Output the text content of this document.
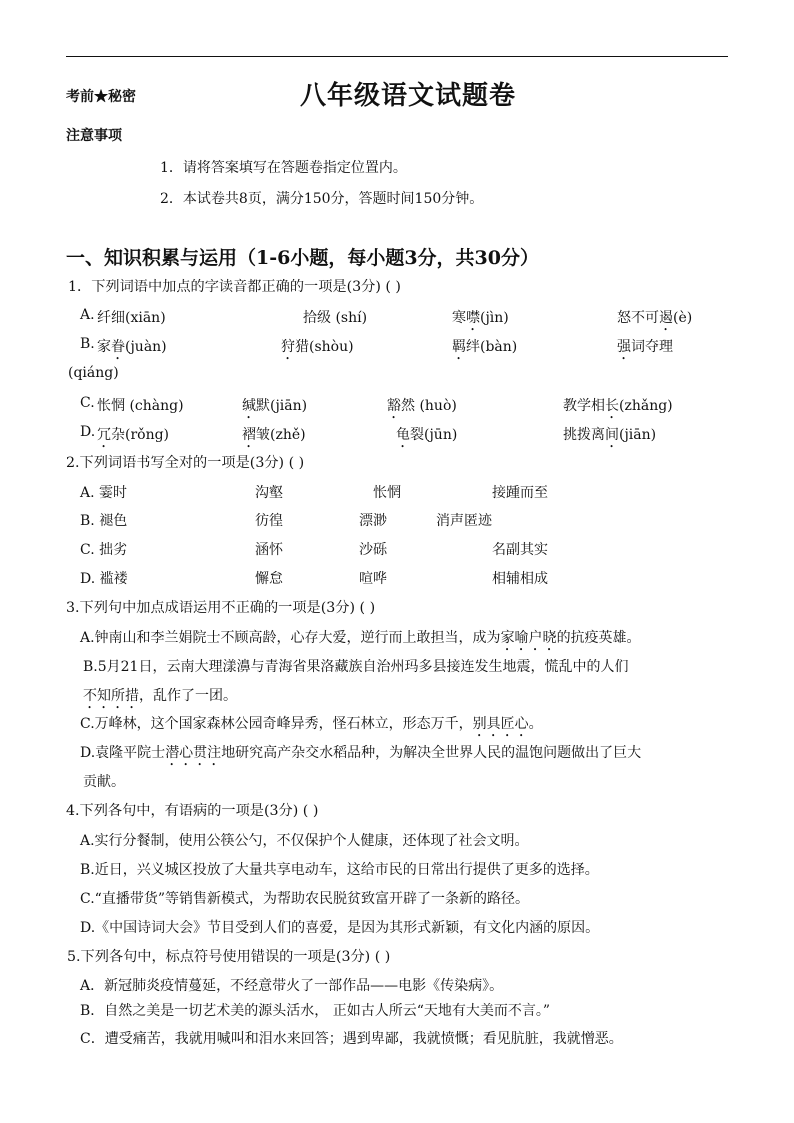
考前★秘密	八年级语文试题卷
注意事项
1．请将答案填写在答题卷指定位置内。
2．本试卷共8页，满分150分，答题时间150分钟。
一、知识积累与运用（1-6小题，每小题3分，共30分）
1．下列词语中加点的字读音都正确的一项是(3分) ( )
A. 纤细(xiān)	拾级 (shí)	寒噤(jìn)	怒不可遏(è)
B. 家眷(juàn)	狩猎(shòu)	羁绊(bàn)	强词夺理
(qiáng)
C. 怅惘 (chàng)	缄默(jiān)	豁然 (huò)	教学相长(zhǎng)
D. 冗杂(rǒng)	褶皱(zhě)	龟裂(jūn)	挑拨离间(jiān)
2.下列词语书写全对的一项是(3分) ( )
A. 霎时	沟壑	怅惘	接踵而至
B. 褪色	彷徨	漂渺	消声匿迹
C. 拙劣	涵怀	沙砾	名副其实
D. 褴褛	懈怠	喧哗	相辅相成
3.下列句中加点成语运用不正确的一项是(3分) ( )
A.钟南山和李兰娟院士不顾高龄，心存大爱，逆行而上敢担当，成为家喻户晓的抗疫英雄。
B.5月21日，云南大理漾濞与青海省果洛藏族自治州玛多县接连发生地震，慌乱中的人们
不知所措，乱作了一团。
C.万峰林，这个国家森林公园奇峰异秀，怪石林立，形态万千，别具匠心。
D.袁隆平院士潜心贯注地研究高产杂交水稻品种，为解决全世界人民的温饱问题做出了巨大
贡献。
4.下列各句中，有语病的一项是(3分) ( )
A.实行分餐制，使用公筷公勺，不仅保护个人健康，还体现了社会文明。
B.近日，兴义城区投放了大量共享电动车，这给市民的日常出行提供了更多的选择。
C.“直播带货”等销售新模式，为帮助农民脱贫致富开辟了一条新的路径。
D.《中国诗词大会》节目受到人们的喜爱，是因为其形式新颖，有文化内涵的原因。
5.下列各句中，标点符号使用错误的一项是(3分) ( )
A．新冠肺炎疫情蔓延，不经意带火了一部作品——电影《传染病》。
B．自然之美是一切艺术美的源头活水， 正如古人所云“天地有大美而不言。”
C．遭受痛苦，我就用喊叫和泪水来回答；遇到卑鄙，我就愤慨；看见肮脏，我就憎恶。
